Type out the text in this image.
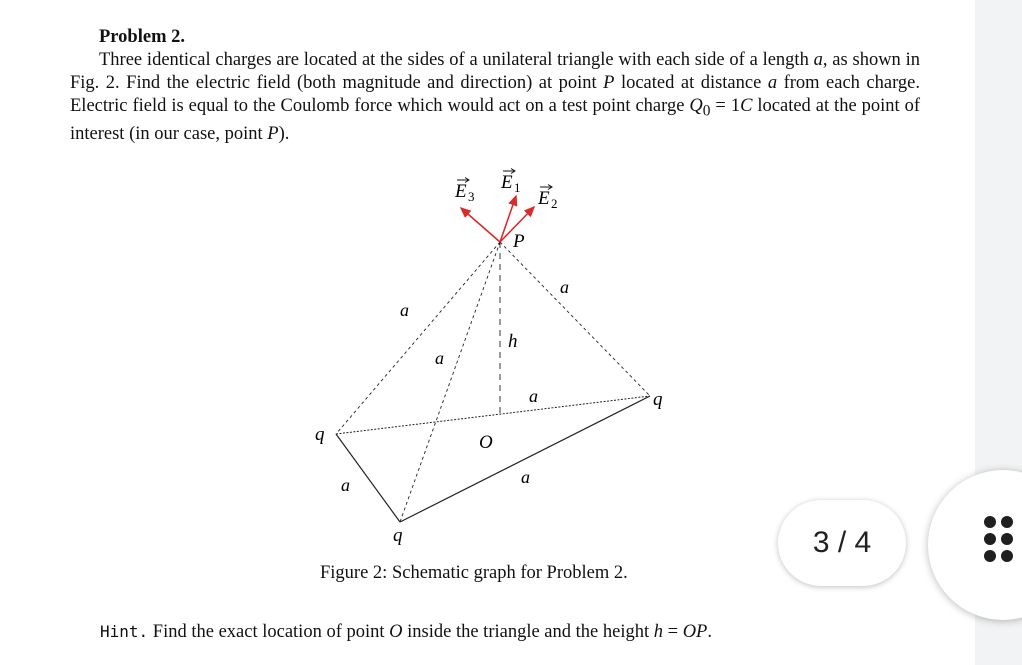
Problem 2.

Three identical charges are located at the sides of a unilateral triangle with each side of a length a, as shown in Fig. 2. Find the electric field (both magnitude and direction) at point P located at distance a from each charge. Electric field is equal to the Coulomb force which would act on a test point charge $Q_0 = 1C$ located at the point of interest (in our case, point P).

E 3
E 1
E 2
P
h
O
a
a
a
a
a
a
q
q
q
Figure 2: Schematic graph for Problem 2.
Hint. Find the exact location of point O inside the triangle and the height h = OP.
3 / 4
